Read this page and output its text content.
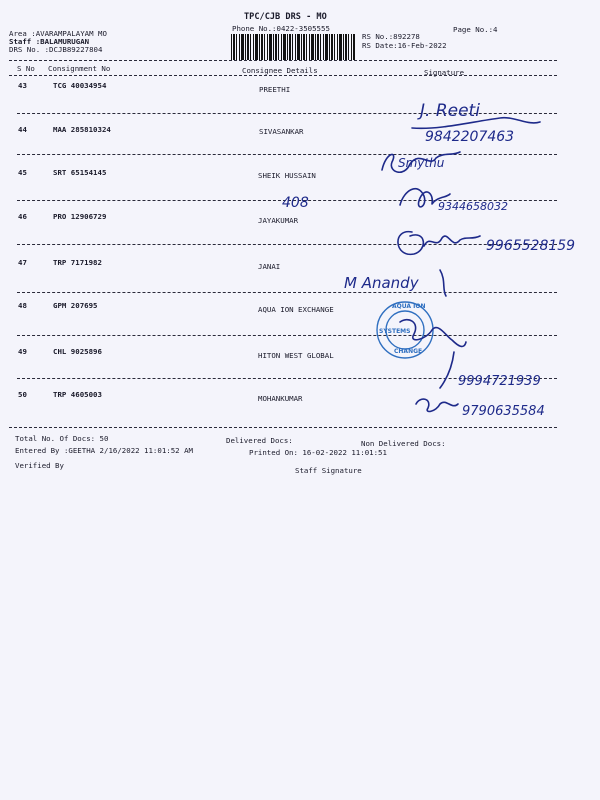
TPC/CJB DRS - MO
Phone No.:0422-3505555	Page No.:4
Area :AVARAMPALAYAM MO
Staff :BALAMURUGAN
DRS No. :DCJB89227804
RS No.:892278
RS Date:16-Feb-2022
S No Consignment No	Consignee Details	Signature
43	TCG 40034954	PREETHI
44	MAA 285810324	SIVASANKAR
45	SRT 65154145	SHEIK HUSSAIN
46	PRO 12906729	JAYAKUMAR
47	TRP 7171982	JANAI
48	GPM 207695	AQUA ION EXCHANGE
49	CHL 9025896	HITON WEST GLOBAL
50	TRP 4605003	MOHANKUMAR
Total No. Of Docs: 50	Delivered Docs:	Non Delivered Docs:
Entered By :GEETHA 2/16/2022 11:01:52 AM	Printed On: 16-02-2022 11:01:51
Verified By
Staff Signature
J. Reeti
9842207463
Smythu
408	9344658032
9965528159
M Anandy
AQUA ION
SYSTEMS
CHANGE
9994721939
9790635584
